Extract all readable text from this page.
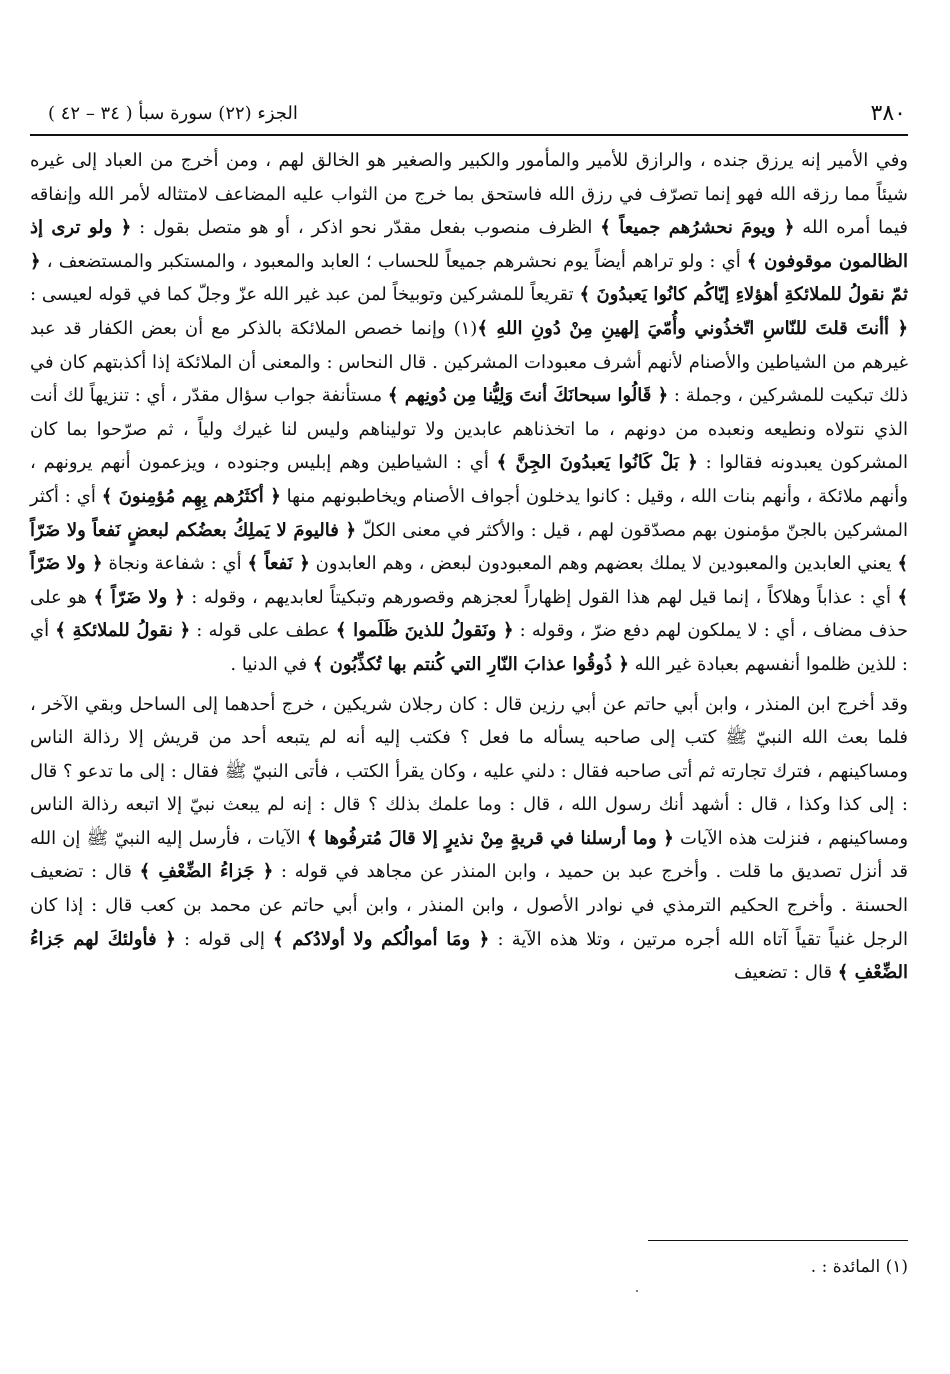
٣٨٠
الجزء (٢٢) سورة سبأ ( ٣٤ – ٤٢ )
وفي الأمير إنه يرزق جنده ، والرازق للأمير والمأمور والكبير والصغير هو الخالق لهم ، ومن أخرج من العباد إلى غيره شيئاً مما رزقه الله فهو إنما تصرّف في رزق الله فاستحق بما خرج من الثواب عليه المضاعف لامتثاله لأمر الله وإنفاقه فيما أمره الله ﴿ ويومَ نحشرُهم جميعاً ﴾ الظرف منصوب بفعل مقدّر نحو اذكر ، أو هو متصل بقول : ﴿ ولو ترى إذ الظالمون موقوفون ﴾ أي : ولو تراهم أيضاً يوم نحشرهم جميعاً للحساب ؛ العابد والمعبود ، والمستكبر والمستضعف ، ﴿ ثمّ نقولُ للملائكةِ أهؤلاءِ إيّاكُم كانُوا يَعبدُونَ ﴾ تقريعاً للمشركين وتوبيخاً لمن عبد غير الله عزّ وجلّ كما في قوله لعيسى : ﴿ أأنتَ قلتَ للنّاسِ اتّخذُوني وأُمّيَ إلهينِ مِنْ دُونِ اللهِ ﴾(١) وإنما خصص الملائكة بالذكر مع أن بعض الكفار قد عبد غيرهم من الشياطين والأصنام لأنهم أشرف معبودات المشركين . قال النحاس : والمعنى أن الملائكة إذا أكذبتهم كان في ذلك تبكيت للمشركين ، وجملة : ﴿ قَالُوا سبحانَكَ أنتَ وَلِيُّنا مِن دُونِهم ﴾ مستأنفة جواب سؤال مقدّر ، أي : تنزيهاً لك أنت الذي نتولاه ونطيعه ونعبده من دونهم ، ما اتخذناهم عابدين ولا توليناهم وليس لنا غيرك ولياً ، ثم صرّحوا بما كان المشركون يعبدونه فقالوا : ﴿ بَلْ كَانُوا يَعبدُونَ الجِنَّ ﴾ أي : الشياطين وهم إبليس وجنوده ، ويزعمون أنهم يرونهم ، وأنهم ملائكة ، وأنهم بنات الله ، وقيل : كانوا يدخلون أجواف الأصنام ويخاطبونهم منها ﴿ أكثَرُهم بِهِم مُؤمِنونَ ﴾ أي : أكثر المشركين بالجنّ مؤمنون بهم مصدّقون لهم ، قيل : والأكثر في معنى الكلّ ﴿ فاليومَ لا يَملِكُ بعضُكم لبعضٍ نَفعاً ولا ضَرّاً ﴾ يعني العابدين والمعبودين لا يملك بعضهم وهم المعبودون لبعض ، وهم العابدون ﴿ نَفعاً ﴾ أي : شفاعة ونجاة ﴿ ولا ضَرّاً ﴾ أي : عذاباً وهلاكاً ، إنما قيل لهم هذا القول إظهاراً لعجزهم وقصورهم وتبكيتاً لعابديهم ، وقوله : ﴿ ولا ضَرّاً ﴾ هو على حذف مضاف ، أي : لا يملكون لهم دفع ضرّ ، وقوله : ﴿ ونَقولُ للذينَ ظَلَموا ﴾ عطف على قوله : ﴿ نقولُ للملائكةِ ﴾ أي : للذين ظلموا أنفسهم بعبادة غير الله ﴿ ذُوقُوا عذابَ النّارِ التي كُنتم بها تُكذِّبُون ﴾ في الدنيا .
وقد أخرج ابن المنذر ، وابن أبي حاتم عن أبي رزين قال : كان رجلان شريكين ، خرج أحدهما إلى الساحل وبقي الآخر ، فلما بعث الله النبيّ ﷺ كتب إلى صاحبه يسأله ما فعل ؟ فكتب إليه أنه لم يتبعه أحد من قريش إلا رذالة الناس ومساكينهم ، فترك تجارته ثم أتى صاحبه فقال : دلني عليه ، وكان يقرأ الكتب ، فأتى النبيّ ﷺ فقال : إلى ما تدعو ؟ قال : إلى كذا وكذا ، قال : أشهد أنك رسول الله ، قال : وما علمك بذلك ؟ قال : إنه لم يبعث نبيّ إلا اتبعه رذالة الناس ومساكينهم ، فنزلت هذه الآيات ﴿ وما أرسلنا في قريةٍ مِنْ نذيرٍ إلا قالَ مُترفُوها ﴾ الآيات ، فأرسل إليه النبيّ ﷺ إن الله قد أنزل تصديق ما قلت . وأخرج عبد بن حميد ، وابن المنذر عن مجاهد في قوله : ﴿ جَزاءُ الضِّعْفِ ﴾ قال : تضعيف الحسنة . وأخرج الحكيم الترمذي في نوادر الأصول ، وابن المنذر ، وابن أبي حاتم عن محمد بن كعب قال : إذا كان الرجل غنياً تقياً آتاه الله أجره مرتين ، وتلا هذه الآية : ﴿ ومَا أموالُكم ولا أولادُكم ﴾ إلى قوله : ﴿ فأولئكَ لهم جَزاءُ الضِّعْفِ ﴾ قال : تضعيف
(١) المائدة : .
